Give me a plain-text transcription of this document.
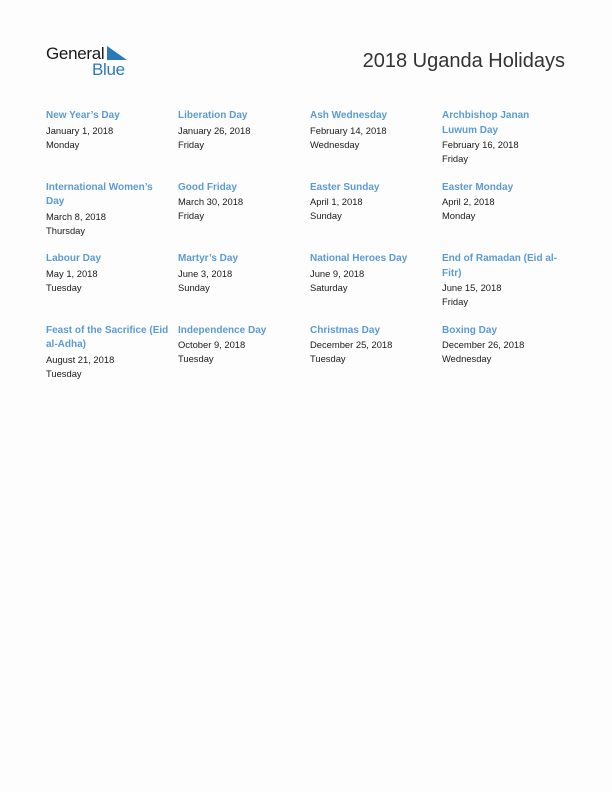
General
Blue	2018 Uganda Holidays
New Year’s Day
January 1, 2018
Monday
Liberation Day
January 26, 2018
Friday
Ash Wednesday
February 14, 2018
Wednesday
Archbishop Janan Luwum Day
February 16, 2018
Friday
International Women’s Day
March 8, 2018
Thursday
Good Friday
March 30, 2018
Friday
Easter Sunday
April 1, 2018
Sunday
Easter Monday
April 2, 2018
Monday
Labour Day
May 1, 2018
Tuesday
Martyr’s Day
June 3, 2018
Sunday
National Heroes Day
June 9, 2018
Saturday
End of Ramadan (Eid al-Fitr)
June 15, 2018
Friday
Feast of the Sacrifice (Eid al-Adha)
August 21, 2018
Tuesday
Independence Day
October 9, 2018
Tuesday
Christmas Day
December 25, 2018
Tuesday
Boxing Day
December 26, 2018
Wednesday
